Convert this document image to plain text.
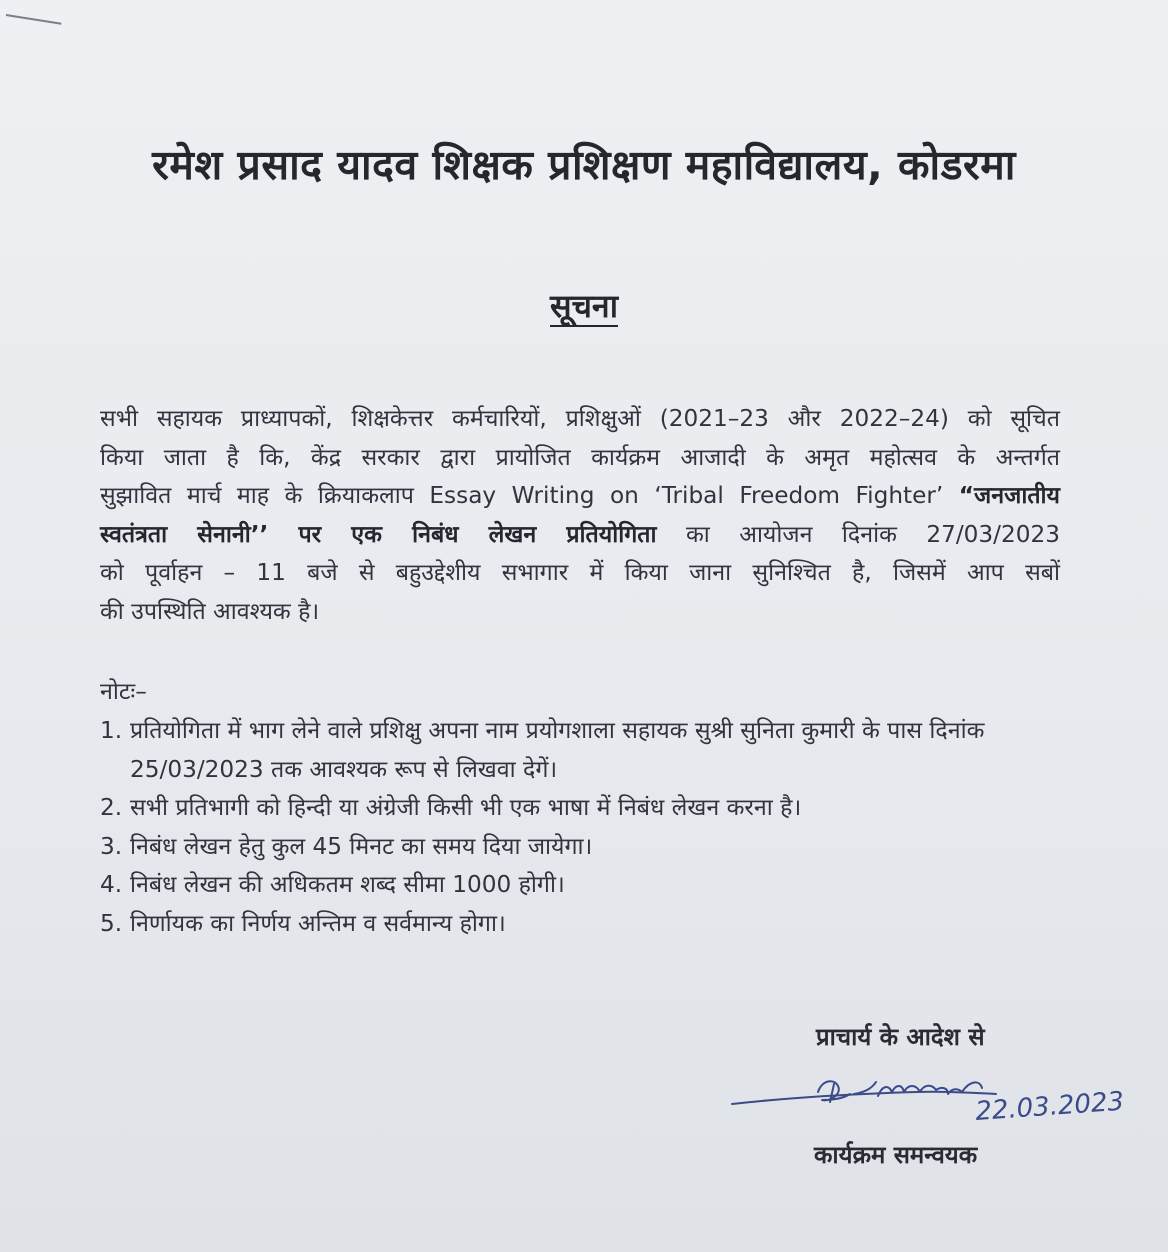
रमेश प्रसाद यादव शिक्षक प्रशिक्षण महाविद्यालय, कोडरमा
सूचना
सभी सहायक प्राध्यापकों, शिक्षकेत्तर कर्मचारियों, प्रशिक्षुओं (2021–23 और 2022–24) को सूचित
किया जाता है कि, केंद्र सरकार द्वारा प्रायोजित कार्यक्रम आजादी के अमृत महोत्सव के अन्तर्गत
सुझावित मार्च माह के क्रियाकलाप Essay Writing on ‘Tribal Freedom Fighter’ “जनजातीय
स्वतंत्रता सेनानी’’ पर एक निबंध लेखन प्रतियोगिता का आयोजन दिनांक 27/03/2023
को पूर्वाहन – 11 बजे से बहुउद्देशीय सभागार में किया जाना सुनिश्चित है, जिसमें आप सबों
की उपस्थिति आवश्यक है।
नोटः–
1. प्रतियोगिता में भाग लेने वाले प्रशिक्षु अपना नाम प्रयोगशाला सहायक सुश्री सुनिता कुमारी के पास दिनांक 25/03/2023 तक आवश्यक रूप से लिखवा देगें।
2. सभी प्रतिभागी को हिन्दी या अंग्रेजी किसी भी एक भाषा में निबंध लेखन करना है।
3. निबंध लेखन हेतु कुल 45 मिनट का समय दिया जायेगा।
4. निबंध लेखन की अधिकतम शब्द सीमा 1000 होगी।
5. निर्णायक का निर्णय अन्तिम व सर्वमान्य होगा।
प्राचार्य के आदेश से
22.03.2023
कार्यक्रम समन्वयक
